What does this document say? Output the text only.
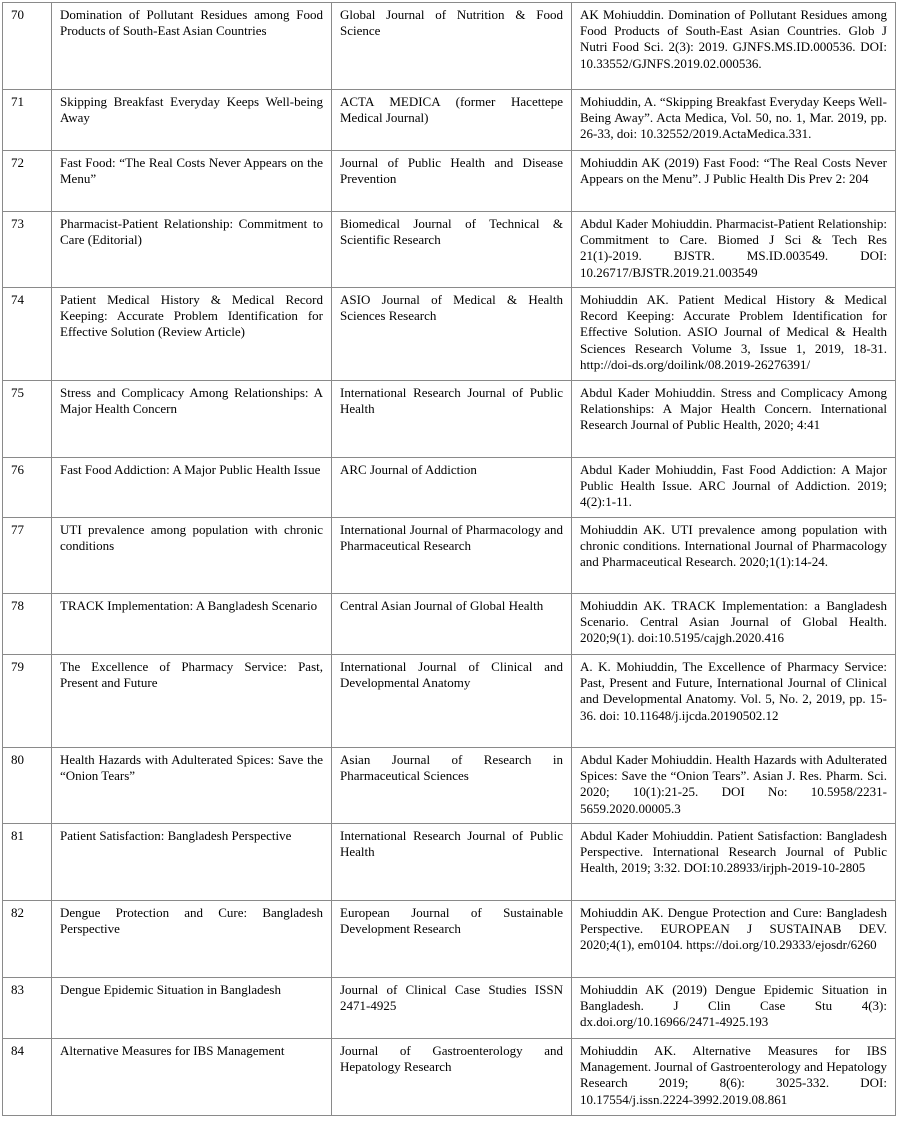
70	Domination of Pollutant Residues among Food Products of South-East Asian Countries	Global Journal of Nutrition & Food Science	AK Mohiuddin. Domination of Pollutant Residues among Food Products of South-East Asian Countries. Glob J Nutri Food Sci. 2(3): 2019. GJNFS.MS.ID.000536. DOI: 10.33552/GJNFS.2019.02.000536.
71	Skipping Breakfast Everyday Keeps Well-being Away	ACTA MEDICA (former Hacettepe Medical Journal)	Mohiuddin, A. “Skipping Breakfast Everyday Keeps Well-Being Away”. Acta Medica, Vol. 50, no. 1, Mar. 2019, pp. 26-33, doi: 10.32552/2019.ActaMedica.331.
72	Fast Food: “The Real Costs Never Appears on the Menu”	Journal of Public Health and Disease Prevention	Mohiuddin AK (2019) Fast Food: “The Real Costs Never Appears on the Menu”. J Public Health Dis Prev 2: 204
73	Pharmacist-Patient Relationship: Commitment to Care (Editorial)	Biomedical Journal of Technical & Scientific Research	Abdul Kader Mohiuddin. Pharmacist-Patient Relationship: Commitment to Care. Biomed J Sci & Tech Res 21(1)-2019. BJSTR. MS.ID.003549. DOI: 10.26717/BJSTR.2019.21.003549
74	Patient Medical History & Medical Record Keeping: Accurate Problem Identification for Effective Solution (Review Article)	ASIO Journal of Medical & Health Sciences Research	Mohiuddin AK. Patient Medical History & Medical Record Keeping: Accurate Problem Identification for Effective Solution. ASIO Journal of Medical & Health Sciences Research Volume 3, Issue 1, 2019, 18-31. http://doi-ds.org/doilink/08.2019-26276391/
75	Stress and Complicacy Among Relationships: A Major Health Concern	International Research Journal of Public Health	Abdul Kader Mohiuddin. Stress and Complicacy Among Relationships: A Major Health Concern. International Research Journal of Public Health, 2020; 4:41
76	Fast Food Addiction: A Major Public Health Issue	ARC Journal of Addiction	Abdul Kader Mohiuddin, Fast Food Addiction: A Major Public Health Issue. ARC Journal of Addiction. 2019; 4(2):1-11.
77	UTI prevalence among population with chronic conditions	International Journal of Pharmacology and Pharmaceutical Research	Mohiuddin AK. UTI prevalence among population with chronic conditions. International Journal of Pharmacology and Pharmaceutical Research. 2020;1(1):14-24.
78	TRACK Implementation: A Bangladesh Scenario	Central Asian Journal of Global Health	Mohiuddin AK. TRACK Implementation: a Bangladesh Scenario. Central Asian Journal of Global Health. 2020;9(1). doi:10.5195/cajgh.2020.416
79	The Excellence of Pharmacy Service: Past, Present and Future	International Journal of Clinical and Developmental Anatomy	A. K. Mohiuddin, The Excellence of Pharmacy Service: Past, Present and Future, International Journal of Clinical and Developmental Anatomy. Vol. 5, No. 2, 2019, pp. 15-36. doi: 10.11648/j.ijcda.20190502.12
80	Health Hazards with Adulterated Spices: Save the “Onion Tears”	Asian Journal of Research in Pharmaceutical Sciences	Abdul Kader Mohiuddin. Health Hazards with Adulterated Spices: Save the “Onion Tears”. Asian J. Res. Pharm. Sci. 2020; 10(1):21-25. DOI No: 10.5958/2231-5659.2020.00005.3
81	Patient Satisfaction: Bangladesh Perspective	International Research Journal of Public Health	Abdul Kader Mohiuddin. Patient Satisfaction: Bangladesh Perspective. International Research Journal of Public Health, 2019; 3:32. DOI:10.28933/irjph-2019-10-2805
82	Dengue Protection and Cure: Bangladesh Perspective	European Journal of Sustainable Development Research	Mohiuddin AK. Dengue Protection and Cure: Bangladesh Perspective. EUROPEAN J SUSTAINAB DEV. 2020;4(1), em0104. https://doi.org/10.29333/ejosdr/6260
83	Dengue Epidemic Situation in Bangladesh	Journal of Clinical Case Studies ISSN 2471-4925	Mohiuddin AK (2019) Dengue Epidemic Situation in Bangladesh. J Clin Case Stu 4(3): dx.doi.org/10.16966/2471-4925.193
84	Alternative Measures for IBS Management	Journal of Gastroenterology and Hepatology Research	Mohiuddin AK. Alternative Measures for IBS Management. Journal of Gastroenterology and Hepatology Research 2019; 8(6): 3025-332. DOI: 10.17554/j.issn.2224-3992.2019.08.861
